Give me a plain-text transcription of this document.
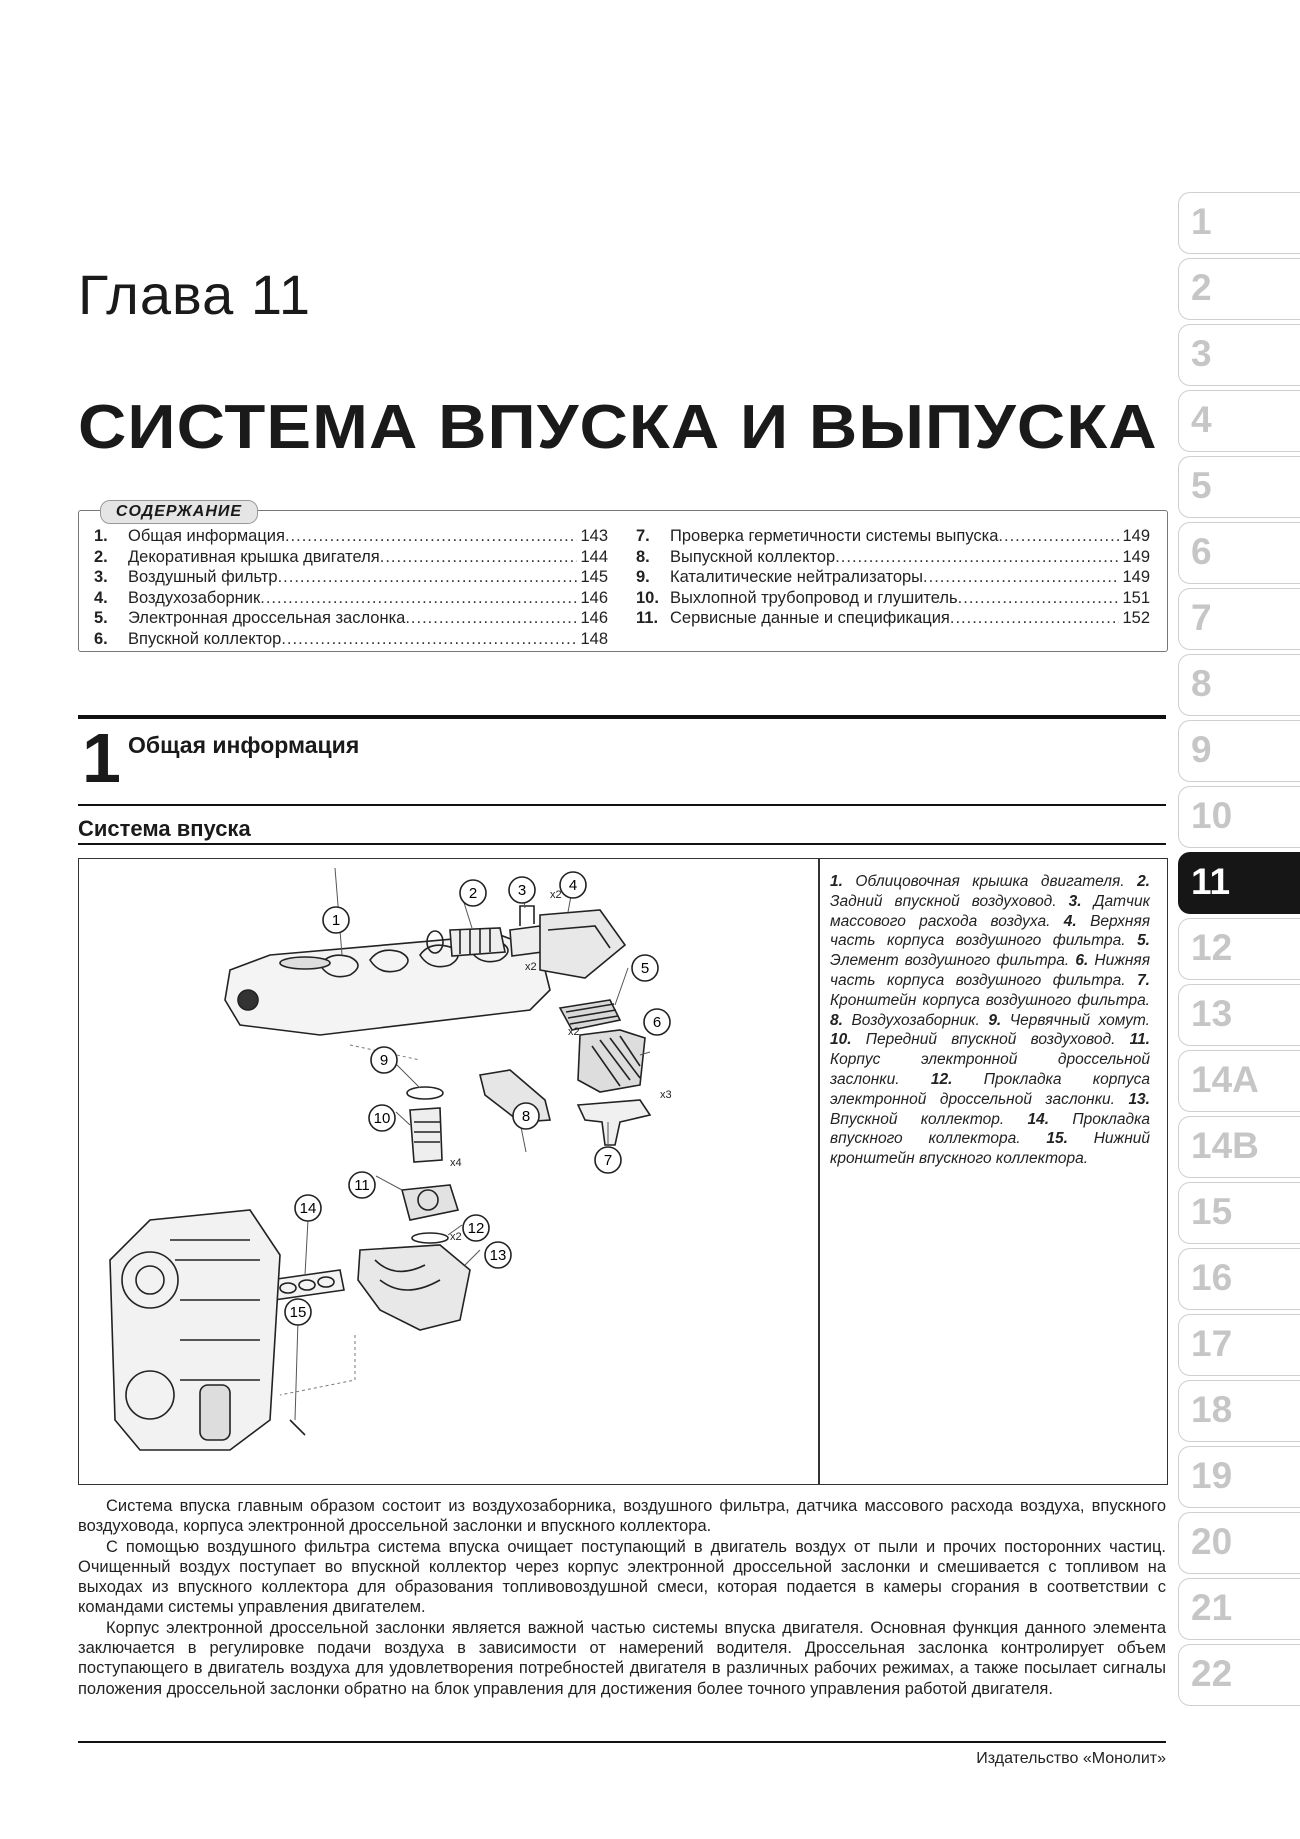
Глава 11
СИСТЕМА ВПУСКА И ВЫПУСКА
СОДЕРЖАНИЕ
1.	Общая информация .....	143
2.	Декоративная крышка двигателя .....	144
3.	Воздушный фильтр .....	145
4.	Воздухозаборник .....	146
5.	Электронная дроссельная заслонка .....	146
6.	Впускной коллектор .....	148
7.	Проверка герметичности системы выпуска .....	149
8.	Выпускной коллектор .....	149
9.	Каталитические нейтрализаторы .....	149
10. Выхлопной трубопровод и глушитель .....	151
11. Сервисные данные и спецификация .....	152
1 Общая информация
Система впуска
1
2	3	4
5
6
7
8
9
10
11
12
13
14
15
x2
x2
x2
x3
x4
x2
1. Облицовочная крышка двигателя. 2. Задний впускной воздуховод. 3. Датчик массового расхода воздуха. 4. Верхняя часть корпуса воздушного фильтра. 5. Элемент воздушного фильтра. 6. Нижняя часть корпуса воздушного фильтра. 7. Кронштейн корпуса воздушного фильтра. 8. Воздухозаборник. 9. Червячный хомут. 10. Передний впускной воздуховод. 11. Корпус электронной дроссельной заслонки. 12. Прокладка корпуса электронной дроссельной заслонки. 13. Впускной коллектор. 14. Прокладка впускного коллектора. 15. Нижний кронштейн впускного коллектора.

Система впуска главным образом состоит из воздухозаборника, воздушного фильтра, датчика массового расхода воздуха, впускного воздуховода, корпуса электронной дроссельной заслонки и впускного коллектора.

С помощью воздушного фильтра система впуска очищает поступающий в двигатель воздух от пыли и прочих посторонних частиц. Очищенный воздух поступает во впускной коллектор через корпус электронной дроссельной заслонки и смешивается с топливом на выходах из впускного коллектора для образования топливовоздушной смеси, которая подается в камеры сгорания в соответствии с командами системы управления двигателем.

Корпус электронной дроссельной заслонки является важной частью системы впуска двигателя. Основная функция данного элемента заключается в регулировке подачи воздуха в зависимости от намерений водителя. Дроссельная заслонка контролирует объем поступающего в двигатель воздуха для удовлетворения потребностей двигателя в различных рабочих режимах, а также посылает сигналы положения дроссельной заслонки обратно на блок управления для достижения более точного управления работой двигателя.

Издательство «Монолит»
1
2
3
4
5
6
7
8
9
10
11
12
13
14A
14B
15
16
17
18
19
20
21
22
